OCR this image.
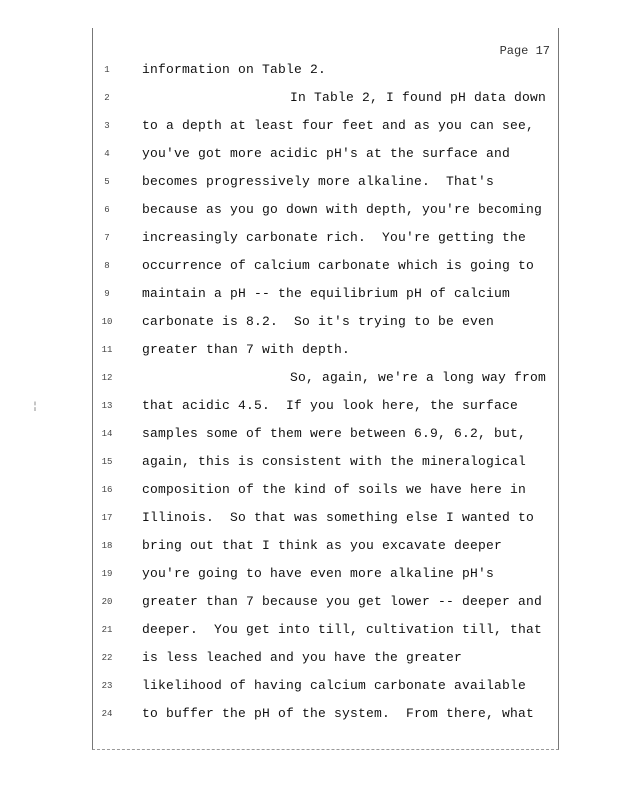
Page 17
¦
1	information on Table 2.
2	In Table 2, I found pH data down
3	to a depth at least four feet and as you can see,
4	you've got more acidic pH's at the surface and
5	becomes progressively more alkaline.  That's
6	because as you go down with depth, you're becoming
7	increasingly carbonate rich.  You're getting the
8	occurrence of calcium carbonate which is going to
9	maintain a pH -- the equilibrium pH of calcium
10	carbonate is 8.2.  So it's trying to be even
11	greater than 7 with depth.
12	So, again, we're a long way from
13	that acidic 4.5.  If you look here, the surface
14	samples some of them were between 6.9, 6.2, but,
15	again, this is consistent with the mineralogical
16	composition of the kind of soils we have here in
17	Illinois.  So that was something else I wanted to
18	bring out that I think as you excavate deeper
19	you're going to have even more alkaline pH's
20	greater than 7 because you get lower -- deeper and
21	deeper.  You get into till, cultivation till, that
22	is less leached and you have the greater
23	likelihood of having calcium carbonate available
24	to buffer the pH of the system.  From there, what
